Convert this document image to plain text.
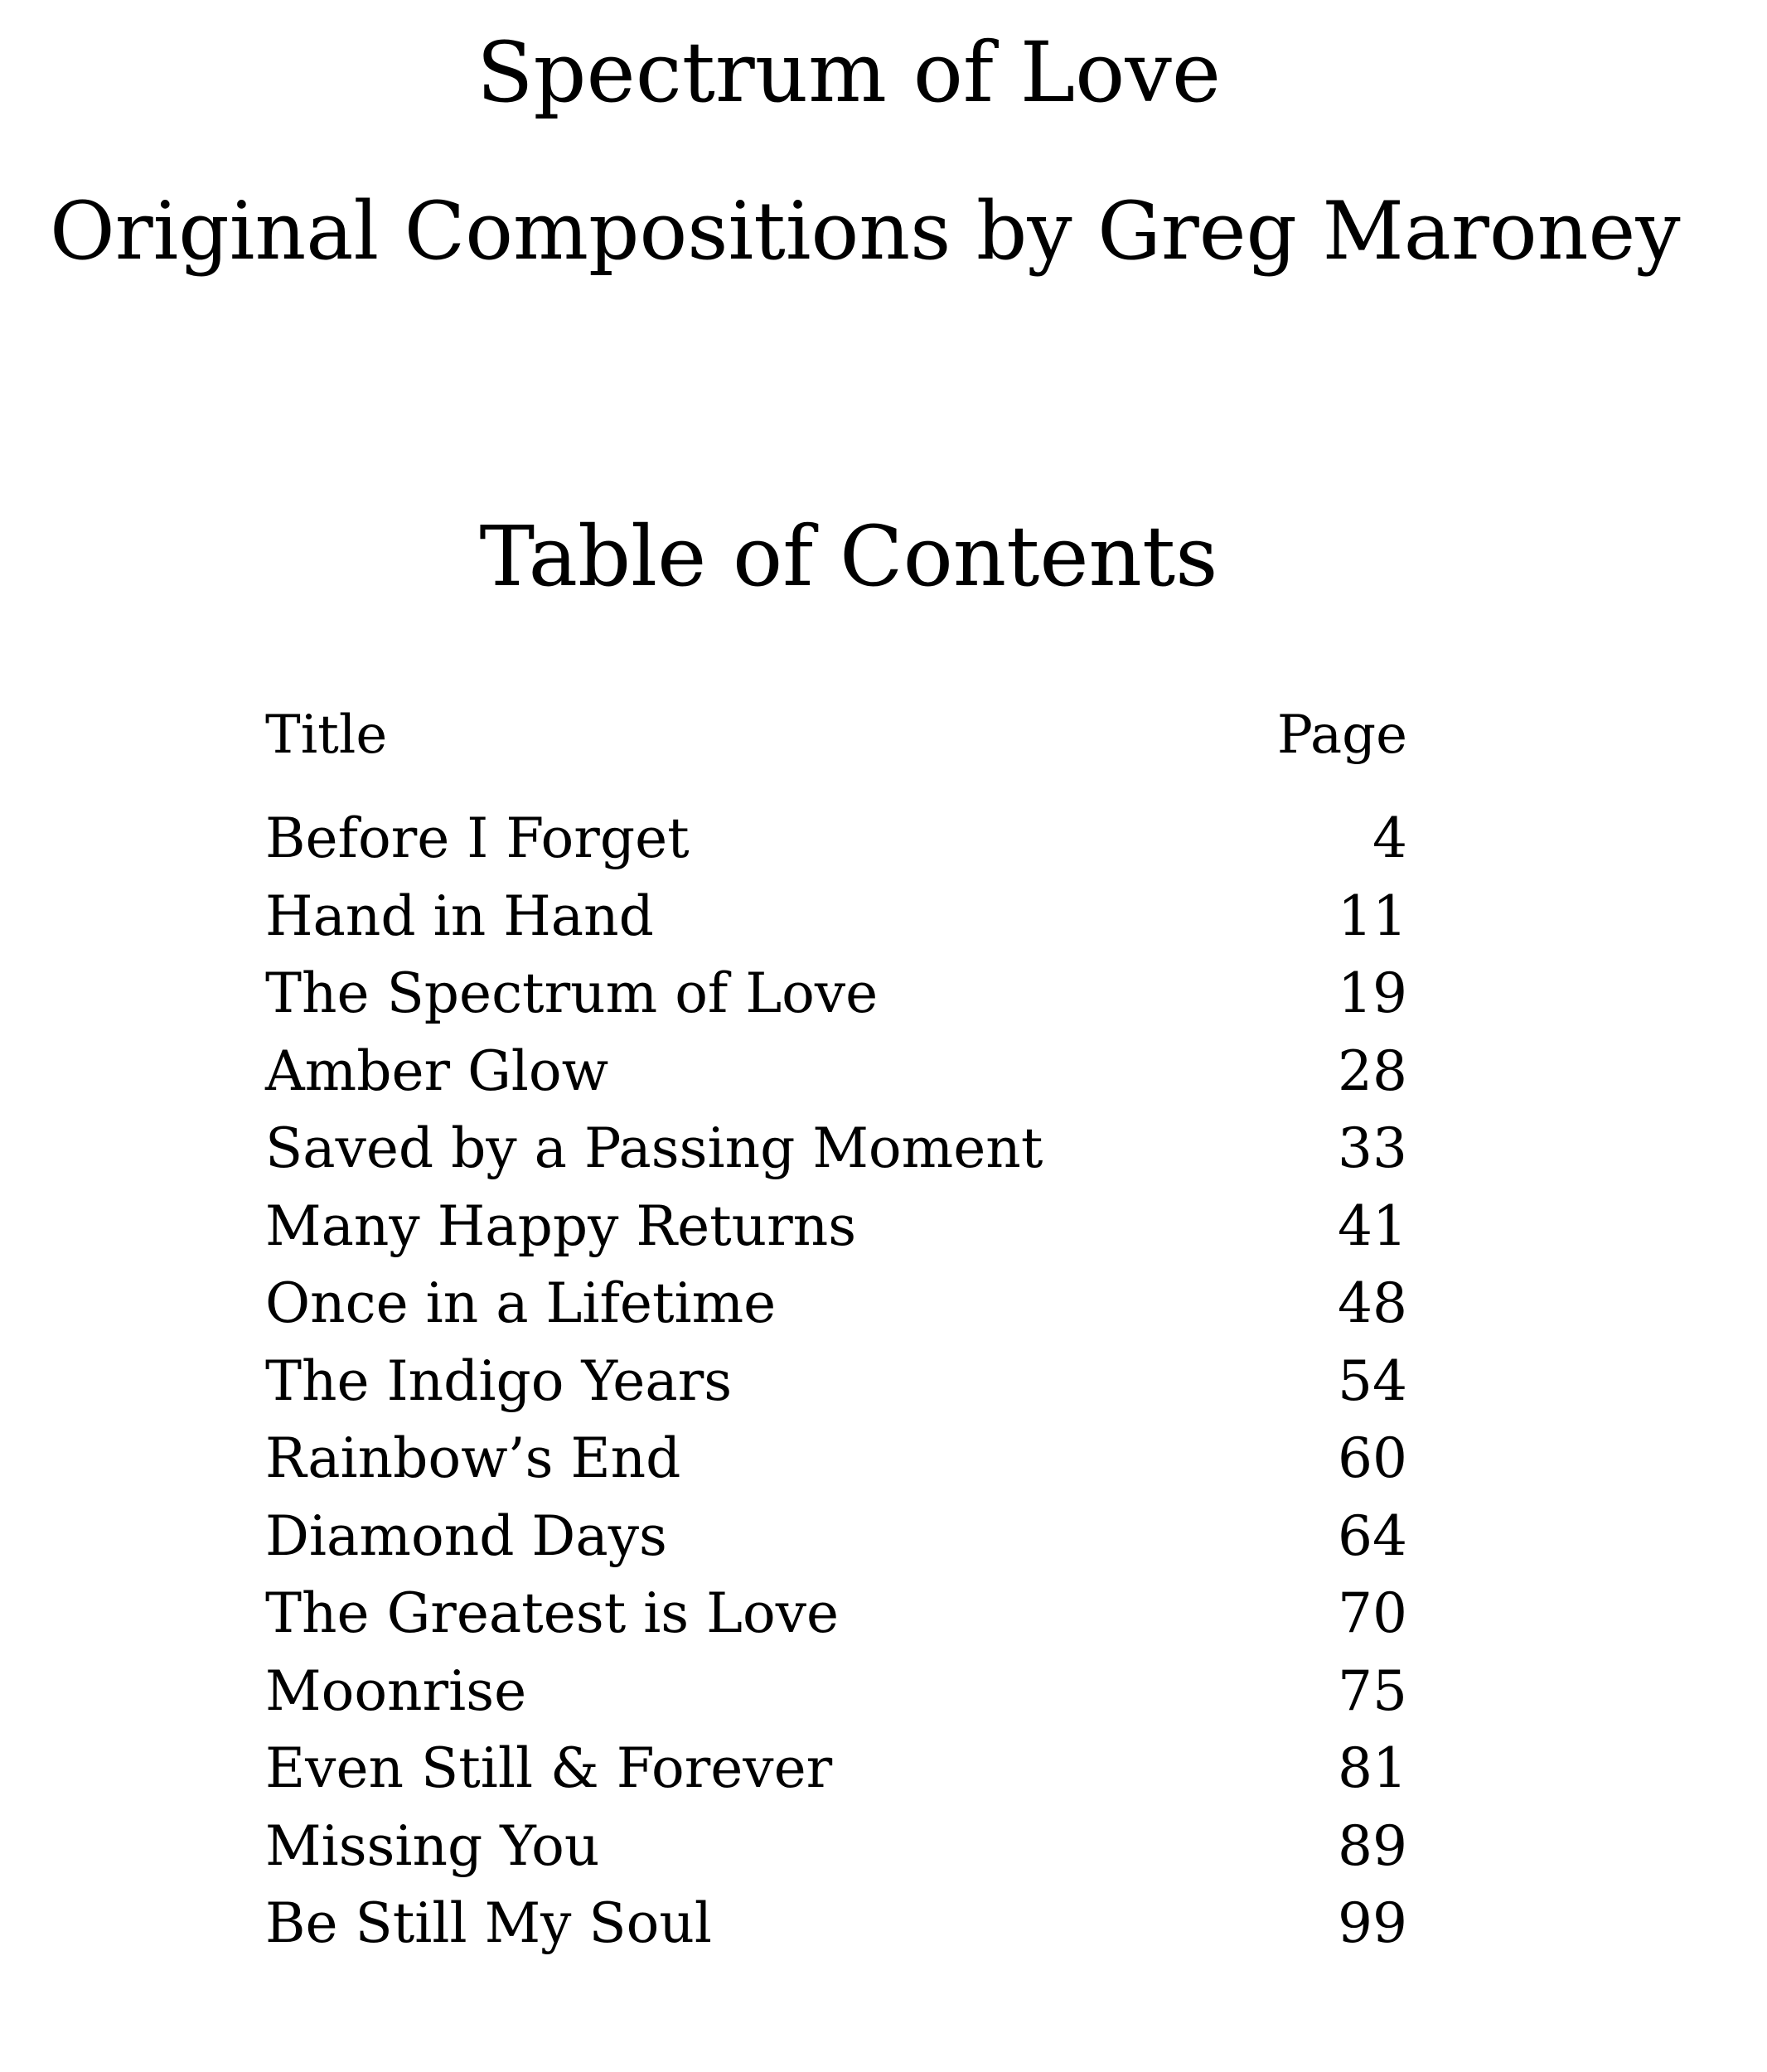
Spectrum of Love
Original Compositions by Greg Maroney
Table of Contents
Title	Page
Before I Forget	4
Hand in Hand	11
The Spectrum of Love	19
Amber Glow	28
Saved by a Passing Moment	33
Many Happy Returns	41
Once in a Lifetime	48
The Indigo Years	54
Rainbow’s End	60
Diamond Days	64
The Greatest is Love	70
Moonrise	75
Even Still & Forever	81
Missing You	89
Be Still My Soul	99
